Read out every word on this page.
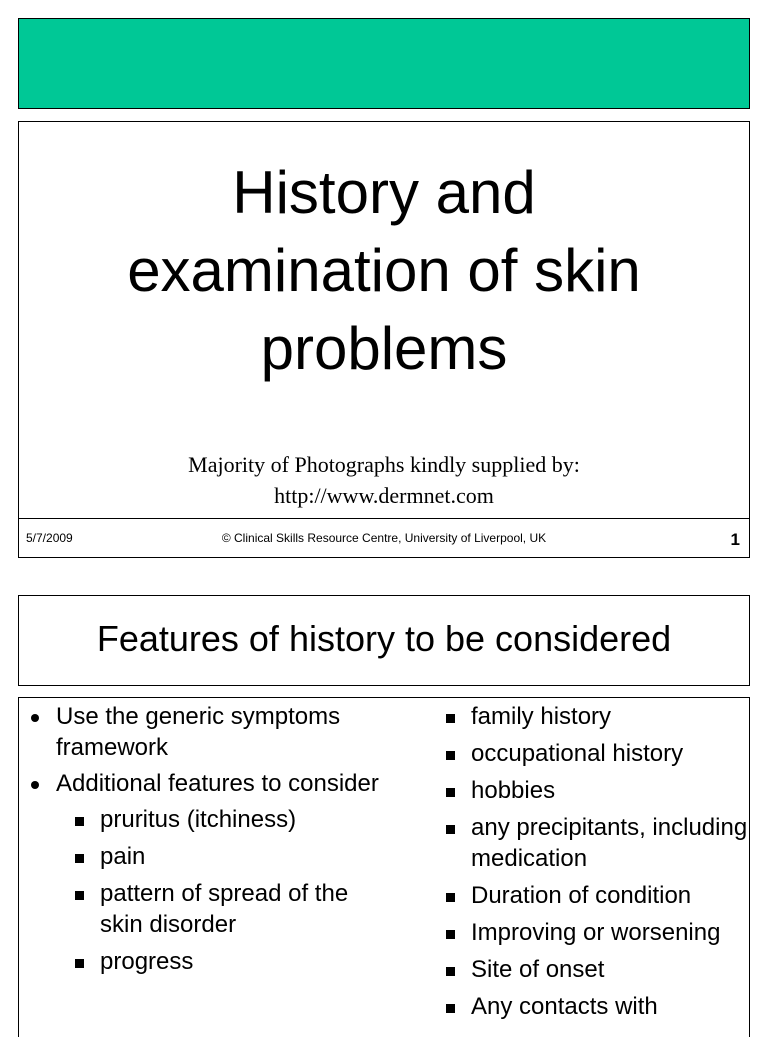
History and
examination of skin
problems
Majority of Photographs kindly supplied by:
http://www.dermnet.com
5/7/2009	© Clinical Skills Resource Centre, University of Liverpool, UK	1
Features of history to be considered
Use the generic symptoms framework
Additional features to consider
pruritus (itchiness)
pain
pattern of spread of the skin disorder
progress
family history
occupational history
hobbies
any precipitants, including medication
Duration of condition
Improving or worsening
Site of onset
Any contacts with
